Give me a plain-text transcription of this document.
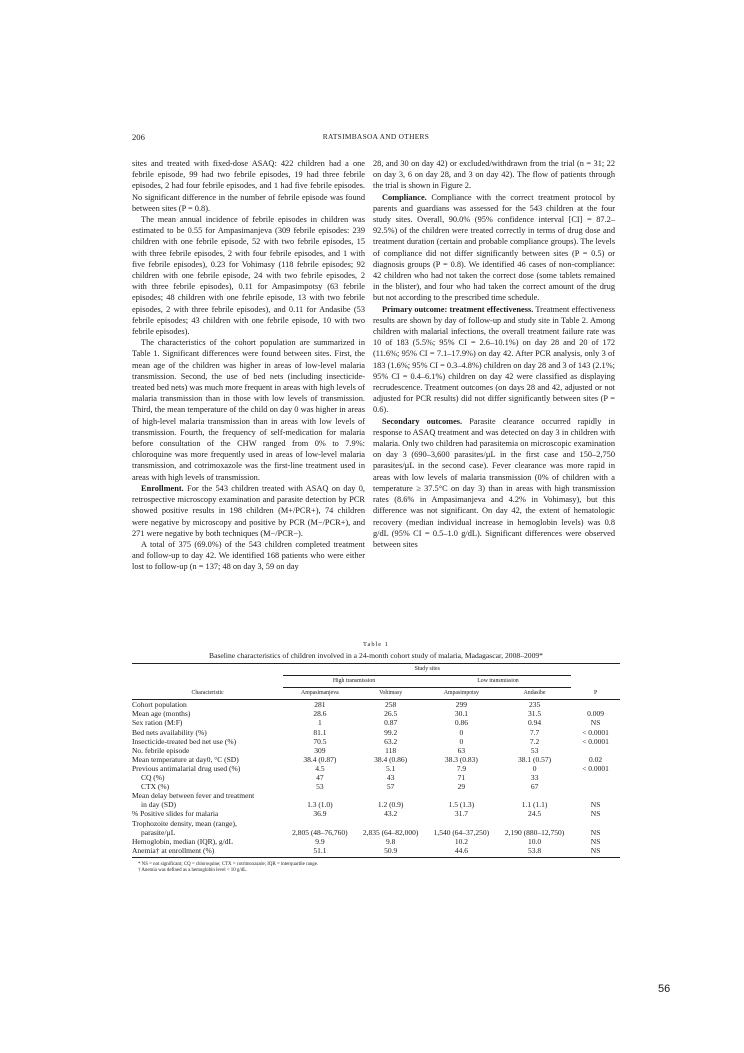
206	RATSIMBASOA AND OTHERS

sites and treated with fixed-dose ASAQ: 422 children had a one febrile episode, 99 had two febrile episodes, 19 had three febrile episodes, 2 had four febrile episodes, and 1 had five febrile episodes. No significant difference in the number of febrile episode was found between sites (P = 0.8).

The mean annual incidence of febrile episodes in children was estimated to be 0.55 for Ampasimanjeva (309 febrile episodes: 239 children with one febrile episode, 52 with two febrile episodes, 15 with three febrile episodes, 2 with four febrile episodes, and 1 with five febrile episodes), 0.23 for Vohimasy (118 febrile episodes; 92 children with one febrile episode, 24 with two febrile episodes, 2 with three febrile episodes), 0.11 for Ampasimpotsy (63 febrile episodes; 48 children with one febrile episode, 13 with two febrile episodes, 2 with three febrile episodes), and 0.11 for Andasibe (53 febrile episodes; 43 children with one febrile episode, 10 with two febrile episodes).

The characteristics of the cohort population are summarized in Table 1. Significant differences were found between sites. First, the mean age of the children was higher in areas of low-level malaria transmission. Second, the use of bed nets (including insecticide-treated bed nets) was much more frequent in areas with high levels of malaria transmission than in those with low levels of transmission. Third, the mean temperature of the child on day 0 was higher in areas of high-level malaria transmission than in areas with low levels of transmission. Fourth, the frequency of self-medication for malaria before consultation of the CHW ranged from 0% to 7.9%: chloroquine was more frequently used in areas of low-level malaria transmission, and cotrimoxazole was the first-line treatment used in areas with high levels of transmission.

Enrollment. For the 543 children treated with ASAQ on day 0, retrospective microscopy examination and parasite detection by PCR showed positive results in 198 children (M+/PCR+), 74 children were negative by microscopy and positive by PCR (M−/PCR+), and 271 were negative by both techniques (M−/PCR−).

A total of 375 (69.0%) of the 543 children completed treatment and follow-up to day 42. We identified 168 patients who were either lost to follow-up (n = 137; 48 on day 3, 59 on day

28, and 30 on day 42) or excluded/withdrawn from the trial (n = 31; 22 on day 3, 6 on day 28, and 3 on day 42). The flow of patients through the trial is shown in Figure 2.

Compliance. Compliance with the correct treatment protocol by parents and guardians was assessed for the 543 children at the four study sites. Overall, 90.0% (95% confidence interval [CI] = 87.2–92.5%) of the children were treated correctly in terms of drug dose and treatment duration (certain and probable compliance groups). The levels of compliance did not differ significantly between sites (P = 0.5) or diagnosis groups (P = 0.8). We identified 46 cases of non-compliance: 42 children who had not taken the correct dose (some tablets remained in the blister), and four who had taken the correct amount of the drug but not according to the prescribed time schedule.

Primary outcome: treatment effectiveness. Treatment effectiveness results are shown by day of follow-up and study site in Table 2. Among children with malarial infections, the overall treatment failure rate was 10 of 183 (5.5%; 95% CI = 2.6–10.1%) on day 28 and 20 of 172 (11.6%; 95% CI = 7.1–17.9%) on day 42. After PCR analysis, only 3 of 183 (1.6%; 95% CI = 0.3–4.8%) children on day 28 and 3 of 143 (2.1%; 95% CI = 0.4–6.1%) children on day 42 were classified as displaying recrudescence. Treatment outcomes (on days 28 and 42, adjusted or not adjusted for PCR results) did not differ significantly between sites (P = 0.6).

Secondary outcomes. Parasite clearance occurred rapidly in response to ASAQ treatment and was detected on day 3 in children with malaria. Only two children had parasitemia on microscopic examination on day 3 (690–3,600 parasites/µL in the first case and 150–2,750 parasites/µL in the second case). Fever clearance was more rapid in areas with low levels of malaria transmission (0% of children with a temperature ≥ 37.5°C on day 3) than in areas with high transmission rates (8.6% in Ampasimanjeva and 4.2% in Vohimasy), but this difference was not significant. On day 42, the extent of hematologic recovery (median individual increase in hemoglobin levels) was 0.8 g/dL (95% CI = 0.5–1.0 g/dL). Significant differences were observed between sites

Table 1
Baseline characteristics of children involved in a 24-month cohort study of malaria, Madagascar, 2008–2009*
	Study sites				
	High transmission		Low transmission		
Characteristic	Ampasimanjeva	Vohimasy	Ampasimpotsy	Andasibe	P
Cohort population	281	258	299	235	
Mean age (months)	28.6	26.5	30.1	31.5	0.009
Sex ration (M:F)	1	0.87	0.86	0.94	NS
Bed nets availability (%)	81.1	99.2	0	7.7	< 0.0001
Insecticide-treated bed net use (%)	70.5	63.2	0	7.2	< 0.0001
No. febrile episode	309	118	63	53	
Mean temperature at day0, °C (SD)	38.4 (0.87)	38.4 (0.86)	38.3 (0.83)	38.1 (0.57)	0.02
Previous antimalarial drug used (%)	4.5	5.1	7.9	0	< 0.0001
CQ (%)	47	43	71	33	
CTX (%)	53	57	29	67	
Mean delay between fever and treatment					
in day (SD)	1.3 (1.0)	1.2 (0.9)	1.5 (1.3)	1.1 (1.1)	NS
% Positive slides for malaria	36.9	43.2	31.7	24.5	NS
Trophozoite density, mean (range),					
parasite/µL	2,805 (48–76,760)	2,835 (64–82,000)	1,540 (64–37,250)	2,190 (880–12,750)	NS
Hemoglobin, median (IQR), g/dL	9.9	9.8	10.2	10.0	NS
Anemia† at enrollment (%)	51.1	50.9	44.6	53.8	NS
* NS = not significant; CQ = chloroquine; CTX = cotrimoxazole; IQR = interquartile range.
† Anemia was defined as a hemoglobin level < 10 g/dL.
56
